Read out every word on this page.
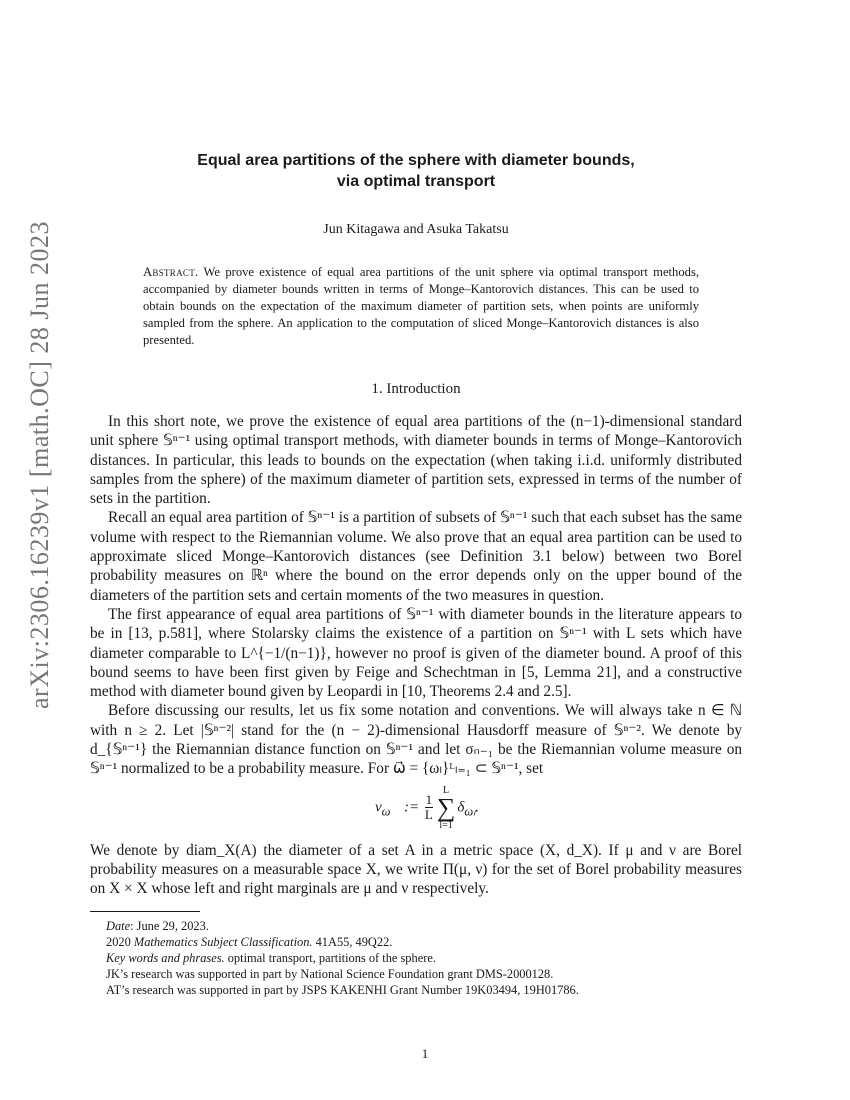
arXiv:2306.16239v1 [math.OC] 28 Jun 2023
Equal area partitions of the sphere with diameter bounds,
via optimal transport
Jun Kitagawa and Asuka Takatsu
Abstract. We prove existence of equal area partitions of the unit sphere via optimal transport methods, accompanied by diameter bounds written in terms of Monge–Kantorovich distances. This can be used to obtain bounds on the expectation of the maximum diameter of partition sets, when points are uniformly sampled from the sphere. An application to the computation of sliced Monge–Kantorovich distances is also presented.
1. Introduction

In this short note, we prove the existence of equal area partitions of the (n−1)-dimensional standard unit sphere 𝕊ⁿ⁻¹ using optimal transport methods, with diameter bounds in terms of Monge–Kantorovich distances. In particular, this leads to bounds on the expectation (when taking i.i.d. uniformly distributed samples from the sphere) of the maximum diameter of partition sets, expressed in terms of the number of sets in the partition.

Recall an equal area partition of 𝕊ⁿ⁻¹ is a partition of subsets of 𝕊ⁿ⁻¹ such that each subset has the same volume with respect to the Riemannian volume. We also prove that an equal area partition can be used to approximate sliced Monge–Kantorovich distances (see Definition 3.1 below) between two Borel probability measures on ℝⁿ where the bound on the error depends only on the upper bound of the diameters of the partition sets and certain moments of the two measures in question.

The first appearance of equal area partitions of 𝕊ⁿ⁻¹ with diameter bounds in the literature appears to be in [13, p.581], where Stolarsky claims the existence of a partition on 𝕊ⁿ⁻¹ with L sets which have diameter comparable to L^{−1/(n−1)}, however no proof is given of the diameter bound. A proof of this bound seems to have been first given by Feige and Schechtman in [5, Lemma 21], and a constructive method with diameter bound given by Leopardi in [10, Theorems 2.4 and 2.5].

Before discussing our results, let us fix some notation and conventions. We will always take n ∈ ℕ with n ≥ 2. Let |𝕊ⁿ⁻²| stand for the (n − 2)-dimensional Hausdorff measure of 𝕊ⁿ⁻². We denote by d_{𝕊ⁿ⁻¹} the Riemannian distance function on 𝕊ⁿ⁻¹ and let σₙ₋₁ be the Riemannian volume measure on 𝕊ⁿ⁻¹ normalized to be a probability measure. For ω⃗ = {ωₗ}ᴸₗ₌₁ ⊂ 𝕊ⁿ⁻¹, set

$\nu_{\omega⃗}$ := $\frac{1}{L}$
L
∑
l=1
$\delta_{\omega_l}$.

We denote by diam_X(A) the diameter of a set A in a metric space (X, d_X). If μ and ν are Borel probability measures on a measurable space X, we write Π(μ, ν) for the set of Borel probability measures on X × X whose left and right marginals are μ and ν respectively.

Date: June 29, 2023.
2020 Mathematics Subject Classification. 41A55, 49Q22.
Key words and phrases. optimal transport, partitions of the sphere.
JK’s research was supported in part by National Science Foundation grant DMS-2000128.
AT’s research was supported in part by JSPS KAKENHI Grant Number 19K03494, 19H01786.
1
